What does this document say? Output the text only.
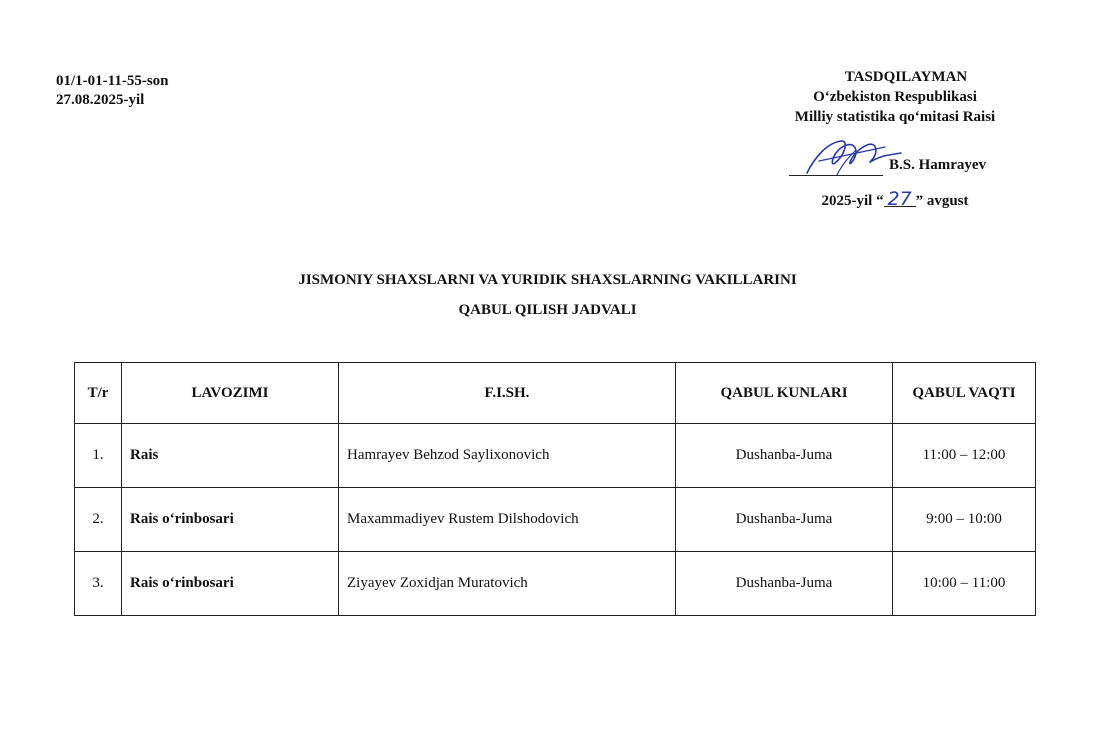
01/1-01-11-55-son
27.08.2025-yil
TASDQILAYMAN
O‘zbekiston Respublikasi
Milliy statistika qo‘mitasi Raisi
B.S. Hamrayev
2025-yil “ 27 ” avgust
JISMONIY SHAXSLARNI VA YURIDIK SHAXSLARNING VAKILLARINI
QABUL QILISH JADVALI
T/r	LAVOZIMI	F.I.SH.	QABUL KUNLARI	QABUL VAQTI
1.	Rais	Hamrayev Behzod Saylixonovich	Dushanba-Juma	11:00 – 12:00
2.	Rais o‘rinbosari	Maxammadiyev Rustem Dilshodovich	Dushanba-Juma	9:00 – 10:00
3.	Rais o‘rinbosari	Ziyayev Zoxidjan Muratovich	Dushanba-Juma	10:00 – 11:00
